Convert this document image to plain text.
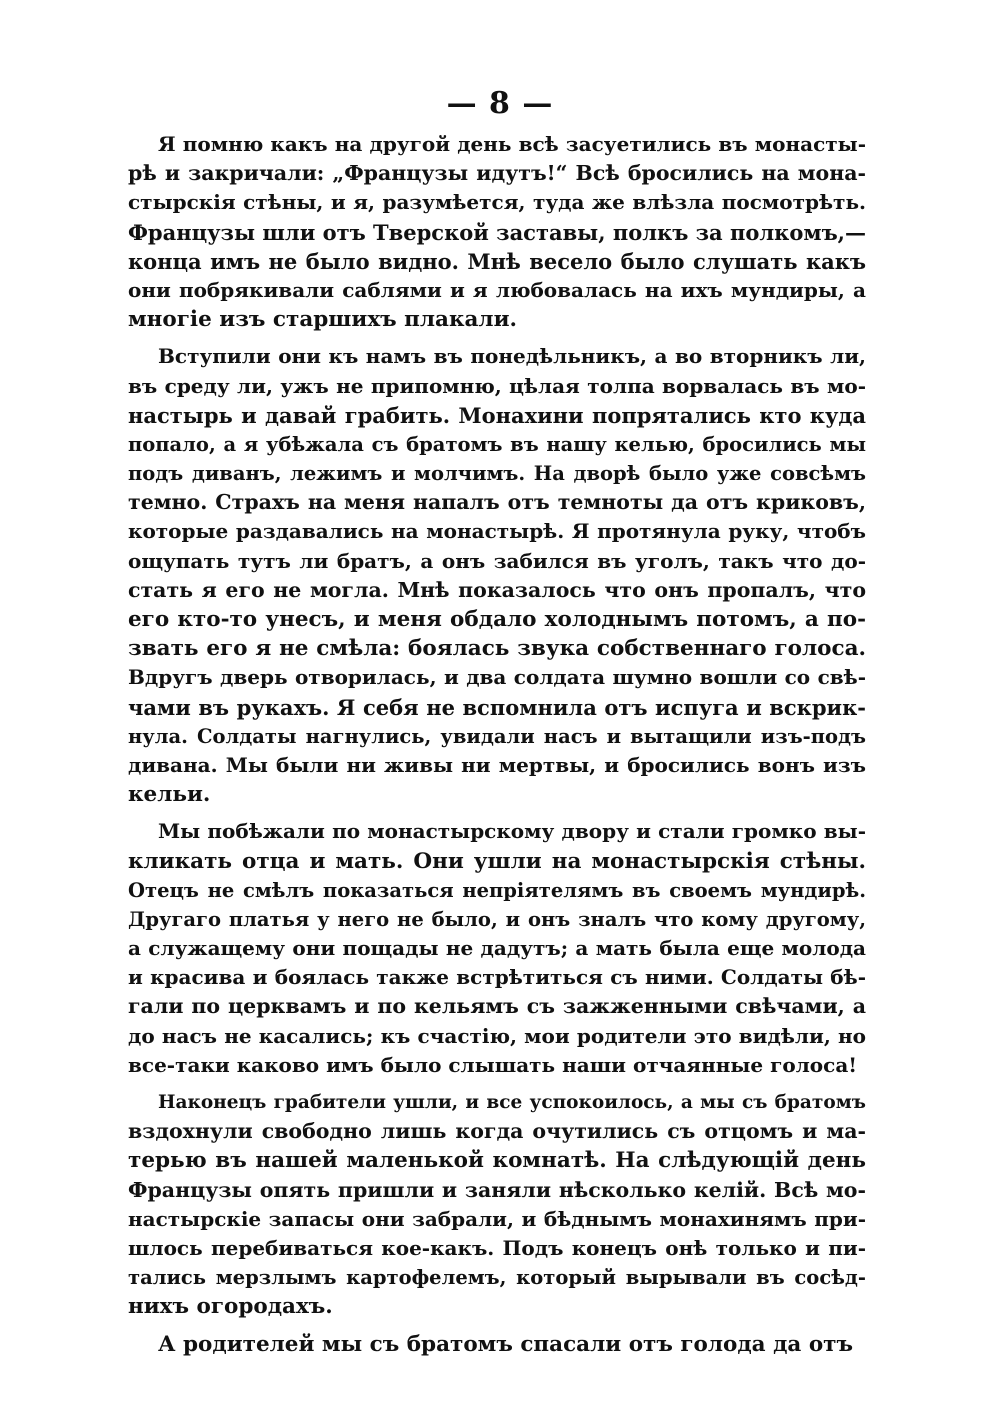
— 8 —
Я помню какъ на другой день всѣ засуетились въ монасты-
рѣ и закричали: „Французы идутъ!“ Всѣ бросились на мона-
стырскія стѣны, и я, разумѣется, туда же влѣзла посмотрѣть.
Французы шли отъ Тверской заставы, полкъ за полкомъ,—
конца имъ не было видно. Мнѣ весело было слушать какъ
они побрякивали саблями и я любовалась на ихъ мундиры, а
многіе изъ старшихъ плакали.
Вступили они къ намъ въ понедѣльникъ, а во вторникъ ли,
въ среду ли, ужъ не припомню, цѣлая толпа ворвалась въ мо-
настырь и давай грабить. Монахини попрятались кто куда
попало, а я убѣжала съ братомъ въ нашу келью, бросились мы
подъ диванъ, лежимъ и молчимъ. На дворѣ было уже совсѣмъ
темно. Страхъ на меня напалъ отъ темноты да отъ криковъ,
которые раздавались на монастырѣ. Я протянула руку, чтобъ
ощупать тутъ ли братъ, а онъ забился въ уголъ, такъ что до-
стать я его не могла. Мнѣ показалось что онъ пропалъ, что
его кто-то унесъ, и меня обдало холоднымъ потомъ, а по-
звать его я не смѣла: боялась звука собственнаго голоса.
Вдругъ дверь отворилась, и два солдата шумно вошли со свѣ-
чами въ рукахъ. Я себя не вспомнила отъ испуга и вскрик-
нула. Солдаты нагнулись, увидали насъ и вытащили изъ-подъ
дивана. Мы были ни живы ни мертвы, и бросились вонъ изъ
кельи.
Мы побѣжали по монастырскому двору и стали громко вы-
кликать отца и мать. Они ушли на монастырскія стѣны.
Отецъ не смѣлъ показаться непріятелямъ въ своемъ мундирѣ.
Другаго платья у него не было, и онъ зналъ что кому другому,
а служащему они пощады не дадутъ; а мать была еще молода
и красива и боялась также встрѣтиться съ ними. Солдаты бѣ-
гали по церквамъ и по кельямъ съ зажженными свѣчами, а
до насъ не касались; къ счастію, мои родители это видѣли, но
все-таки каково имъ было слышать наши отчаянные голоса!
Наконецъ грабители ушли, и все успокоилось, а мы съ братомъ
вздохнули свободно лишь когда очутились съ отцомъ и ма-
терью въ нашей маленькой комнатѣ. На слѣдующій день
Французы опять пришли и заняли нѣсколько келій. Всѣ мо-
настырскіе запасы они забрали, и бѣднымъ монахинямъ при-
шлось перебиваться кое-какъ. Подъ конецъ онѣ только и пи-
тались мерзлымъ картофелемъ, который вырывали въ сосѣд-
нихъ огородахъ.
А родителей мы съ братомъ спасали отъ голода да отъ
